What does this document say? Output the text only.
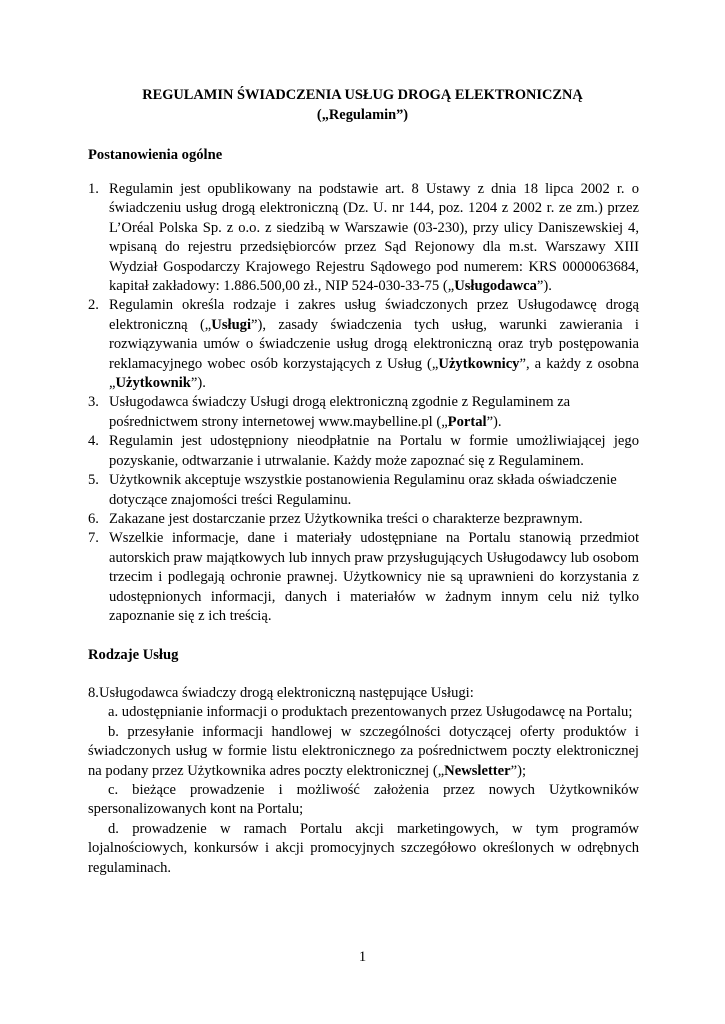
REGULAMIN ŚWIADCZENIA USŁUG DROGĄ ELEKTRONICZNĄ
(„Regulamin”)
Postanowienia ogólne
1. Regulamin jest opublikowany na podstawie art. 8 Ustawy z dnia 18 lipca 2002 r. o świadczeniu usług drogą elektroniczną (Dz. U. nr 144, poz. 1204 z 2002 r. ze zm.) przez L’Oréal Polska Sp. z o.o. z siedzibą w Warszawie (03-230), przy ulicy Daniszewskiej 4, wpisaną do rejestru przedsiębiorców przez Sąd Rejonowy dla m.st. Warszawy XIII Wydział Gospodarczy Krajowego Rejestru Sądowego pod numerem: KRS 0000063684, kapitał zakładowy: 1.886.500,00 zł., NIP 524-030-33-75 („Usługodawca”).
2. Regulamin określa rodzaje i zakres usług świadczonych przez Usługodawcę drogą elektroniczną („Usługi”), zasady świadczenia tych usług, warunki zawierania i rozwiązywania umów o świadczenie usług drogą elektroniczną oraz tryb postępowania reklamacyjnego wobec osób korzystających z Usług („Użytkownicy”, a każdy z osobna „Użytkownik”).
3. Usługodawca świadczy Usługi drogą elektroniczną zgodnie z Regulaminem za
pośrednictwem strony internetowej www.maybelline.pl („Portal”).
4. Regulamin jest udostępniony nieodpłatnie na Portalu w formie umożliwiającej jego pozyskanie, odtwarzanie i utrwalanie. Każdy może zapoznać się z Regulaminem.
5. Użytkownik akceptuje wszystkie postanowienia Regulaminu oraz składa oświadczenie
dotyczące znajomości treści Regulaminu.
6. Zakazane jest dostarczanie przez Użytkownika treści o charakterze bezprawnym.
7. Wszelkie informacje, dane i materiały udostępniane na Portalu stanowią przedmiot autorskich praw majątkowych lub innych praw przysługujących Usługodawcy lub osobom trzecim i podlegają ochronie prawnej. Użytkownicy nie są uprawnieni do korzystania z udostępnionych informacji, danych i materiałów w żadnym innym celu niż tylko zapoznanie się z ich treścią.
Rodzaje Usług

8.Usługodawca świadczy drogą elektroniczną następujące Usługi:

a. udostępnianie informacji o produktach prezentowanych przez Usługodawcę na Portalu;

b. przesyłanie informacji handlowej w szczególności dotyczącej oferty produktów i świadczonych usług w formie listu elektronicznego za pośrednictwem poczty elektronicznej na podany przez Użytkownika adres poczty elektronicznej („Newsletter”);

c. bieżące prowadzenie i możliwość założenia przez nowych Użytkowników spersonalizowanych kont na Portalu;

d. prowadzenie w ramach Portalu akcji marketingowych, w tym programów lojalnościowych, konkursów i akcji promocyjnych szczegółowo określonych w odrębnych regulaminach.

1
